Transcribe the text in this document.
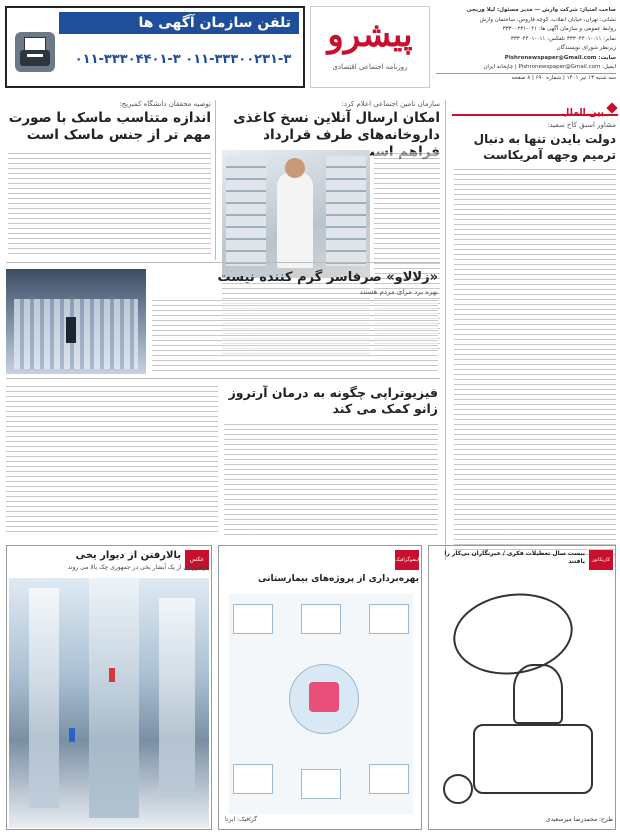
تلفن سازمان آگهی ها
۰۱۱-۳۳۳۰۰۲۳۱-۳ ۰۱۱-۳۳۳۰۴۴۰۱-۳
پیشرو
روزنامه اجتماعی اقتصادی
صاحب امتیاز: شرکت وارش — مدیر مسئول: لیلا وریجی
نشانی: تهران، خیابان انقلاب، کوچه فاروس، ساختمان وارش
روابط عمومی و سازمان آگهی ها: ۰۲۱-۳۳۳۰۰۲۳۱
نمابر: ۰۱۱-۳۳۳۰۴۴۰۱ تلفکس: ۰۱۱-۳۳۳۰۴۴۰۱
زیرنظر شورای نویسندگان
سایت: Pishronewspaper@Gmail.com
ایمیل: Pishronewspaper@Gmail.com | چاپخانه ایران
سه شنبه ۱۳ تیر ۱۴۰۱ | شماره ۶۹۰ | ۸ صفحه
بین الملل
مشاور اسبق کاخ سفید:
دولت بایدن تنها به دنبال ترمیم وجهه آمریکاست
سازمان تامین اجتماعی اعلام کرد:
امکان ارسال آنلاین نسخ کاغذی داروخانه‌های طرف قرارداد
توصیه محققان دانشگاه کمبریج:
اندازه متناسب ماسک با صورت مهم تر از جنس ماسک است
«زلالاو» صرفاسر گرم کننده نیست
بهره برد مرای مردم هستند
فیزیوتراپی چگونه به درمان آرتروز زانو کمک می کند
عکس
بالارفتن از دیوار یخی
کوهنوردان از یک آبشار یخی در جمهوری چک بالا می روند
اینفوگرافیک
بهره‌برداری از پروژه‌های بیمارستانی
گرافیک: ایرنا
کاریکاتور
بیست سال تعطیلات فکری / خبرنگاران بی‌کار را یافتند
طرح: محمدرضا میرسعیدی
